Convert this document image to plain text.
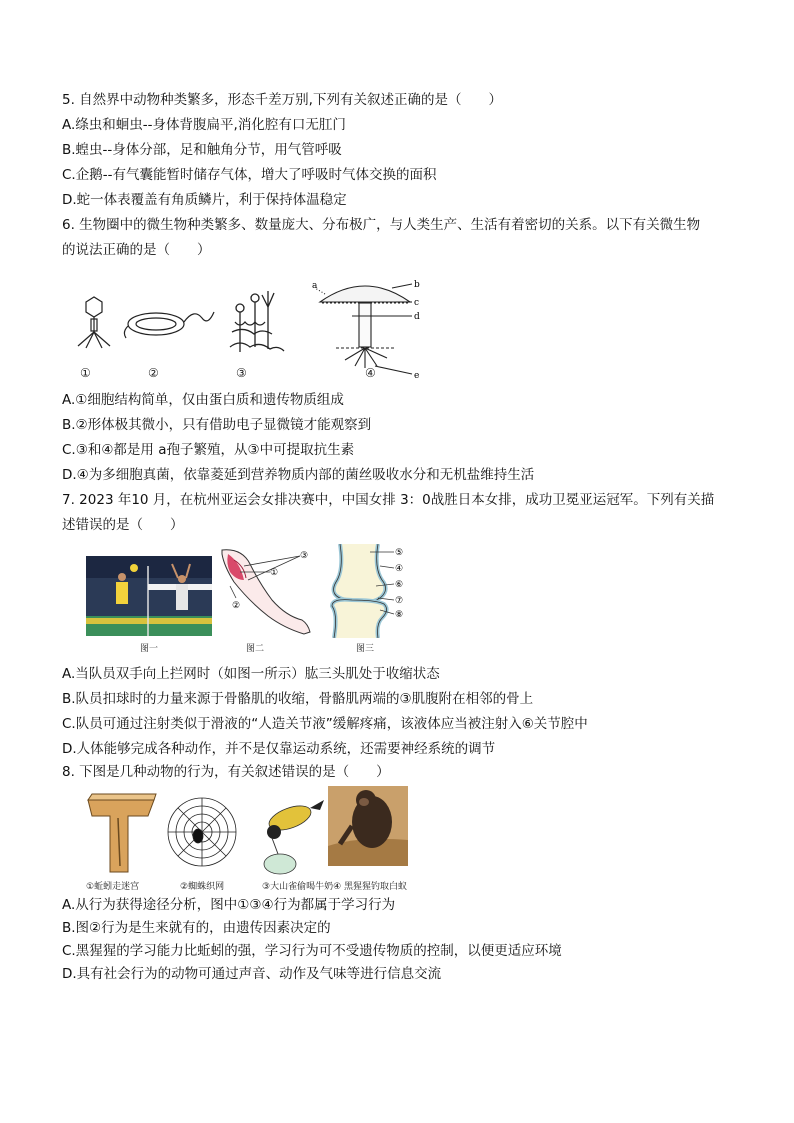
5. 自然界中动物种类繁多，形态千差万别,下列有关叙述正确的是（　　）
A.绦虫和蛔虫--身体背腹扁平,消化腔有口无肛门
B.蝗虫--身体分部，足和触角分节，用气管呼吸
C.企鹅--有气囊能暂时储存气体，增大了呼吸时气体交换的面积
D.蛇一体表覆盖有角质鳞片，利于保持体温稳定
6. 生物圈中的微生物种类繁多、数量庞大、分布极广，与人类生产、生活有着密切的关系。以下有关微生物
的说法正确的是（　　）
a	b
c
d
e
①	②	③	④
A.①细胞结构简单，仅由蛋白质和遗传物质组成
B.②形体极其微小，只有借助电子显微镜才能观察到
C.③和④都是用 a孢子繁殖，从③中可提取抗生素
D.④为多细胞真菌，依靠菱延到营养物质内部的菌丝吸收水分和无机盐维持生活
7. 2023 年10 月，在杭州亚运会女排决赛中，中国女排 3：0战胜日本女排，成功卫冕亚运冠军。下列有关描
述错误的是（　　）
①
②
③	⑤
④
⑥
⑦
⑧
图一	图二	图三
A.当队员双手向上拦网时（如图一所示）肱三头肌处于收缩状态
B.队员扣球时的力量来源于骨骼肌的收缩，骨骼肌两端的③肌腹附在相邻的骨上
C.队员可通过注射类似于滑液的“人造关节液”缓解疼痛，该液体应当被注射入⑥关节腔中
D.人体能够完成各种动作，并不是仅靠运动系统，还需要神经系统的调节
8. 下图是几种动物的行为，有关叙述错误的是（　　）
①蚯蚓走迷宫	②蜘蛛织网	③大山雀偷喝牛奶④ 黑猩猩钓取白蚁
A.从行为获得途径分析，图中①③④行为都属于学习行为
B.图②行为是生来就有的，由遗传因素决定的
C.黑猩猩的学习能力比蚯蚓的强，学习行为可不受遗传物质的控制，以便更适应环境
D.具有社会行为的动物可通过声音、动作及气味等进行信息交流
